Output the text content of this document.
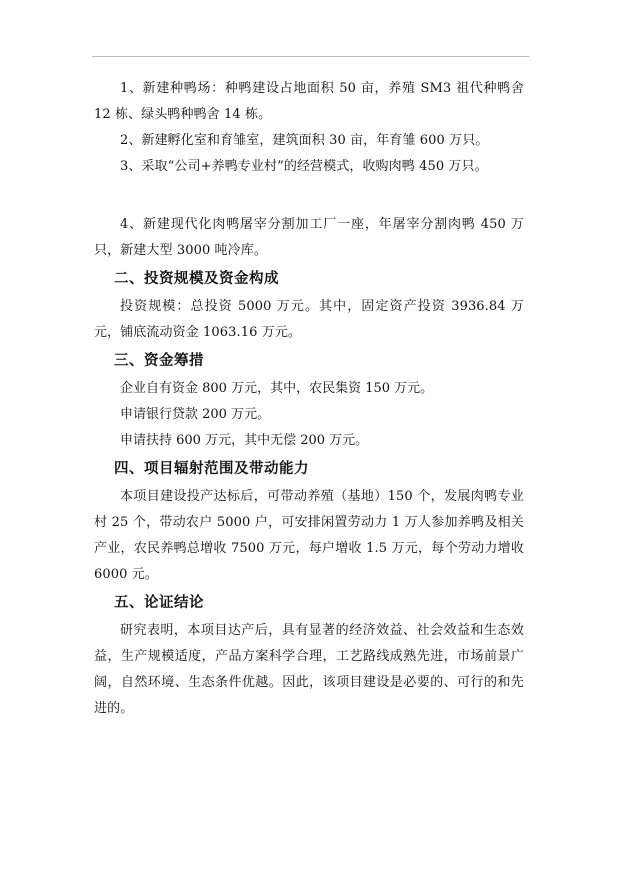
1、新建种鸭场：种鸭建设占地面积 50 亩，养殖 SM3 祖代种鸭舍 12 栋、绿头鸭种鸭舍 14 栋。

2、新建孵化室和育雏室，建筑面积 30 亩，年育雏 600 万只。

3、采取“公司+养鸭专业村”的经营模式，收购肉鸭 450 万只。

4、新建现代化肉鸭屠宰分割加工厂一座，年屠宰分割肉鸭 450 万只，新建大型 3000 吨冷库。

二、投资规模及资金构成

投资规模：总投资 5000 万元。其中，固定资产投资 3936.84 万元，铺底流动资金 1063.16 万元。

三、资金筹措

企业自有资金 800 万元，其中，农民集资 150 万元。

申请银行贷款 200 万元。

申请扶持 600 万元，其中无偿 200 万元。

四、项目辐射范围及带动能力

本项目建设投产达标后，可带动养殖（基地）150 个，发展肉鸭专业村 25 个，带动农户 5000 户，可安排闲置劳动力 1 万人参加养鸭及相关产业，农民养鸭总增收 7500 万元，每户增收 1.5 万元，每个劳动力增收 6000 元。

五、论证结论

研究表明，本项目达产后，具有显著的经济效益、社会效益和生态效益，生产规模适度，产品方案科学合理，工艺路线成熟先进，市场前景广阔，自然环境、生态条件优越。因此，该项目建设是必要的、可行的和先进的。
